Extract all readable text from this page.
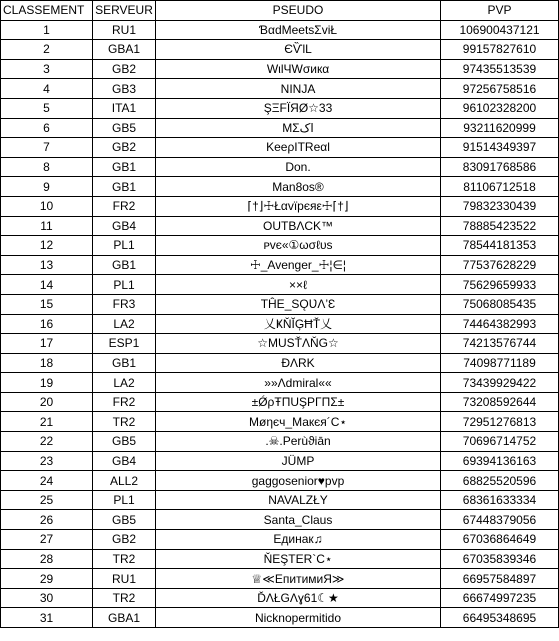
CLASSEMENT	SERVEUR	PSEUDO	PVP
1	RU1	ƁαԁMeetsƩviŁ	106900437121
2	GBA1	ЄѶƖL	99157827610
3	GB2	WιlЧWσикα	97435513539
4	GB3	NINJA	97256758516
5	ITA1	ŞΞFÏЯØ☆33	96102328200
6	GB5	MΣاک	93211620999
7	GB2	KeeρITReαl	91514349397
8	GB1	Don.	83091768586
9	GB1	Man8os®	81106712518
10	FR2	⌈†⌋☩Łαvïpєяε☩⌈†⌋	79832330439
11	GB4	OUTBΛCK™	78885423522
12	PL1	ᴩvє«①ωσℓυѕ	78544181353
13	GB1	☩_Avenger_☩¦∈¦	77537628229
14	PL1	××ℓ	75629659933
15	FR3	TĤE_SǪƲΛ’Ɛ	75068085435
16	LA2	乂ҜŇĬĢĦŤ乂	74464382993
17	ESP1	☆MUSŤΛŇG☆	74213576744
18	GB1	ĐΛRK	74098771189
19	LA2	»»Λdmiral««	73439929422
20	FR2	±ǾρŦΠUŞPΓΠΣ±	73208592644
21	TR2	Møηєч_Макєя´C⋆	72951276813
22	GB5	.☠.Perùϑiān	70696714752
23	GB4	JÜMP	69394136163
24	ALL2	gaggosenior♥pvp	68825520596
25	PL1	NAVALZŁY	68361633334
26	GB5	Santa_Claus	67448379056
27	GB2	Единак♫	67036864649
28	TR2	ŇEŞTER`C⋆	67035839346
29	RU1	♕≪EпитимиЯ≫	66957584897
30	TR2	ĎΛŁGΛɣ61☾★	66674997235
31	GBA1	Nicknopermitido	66495348695
